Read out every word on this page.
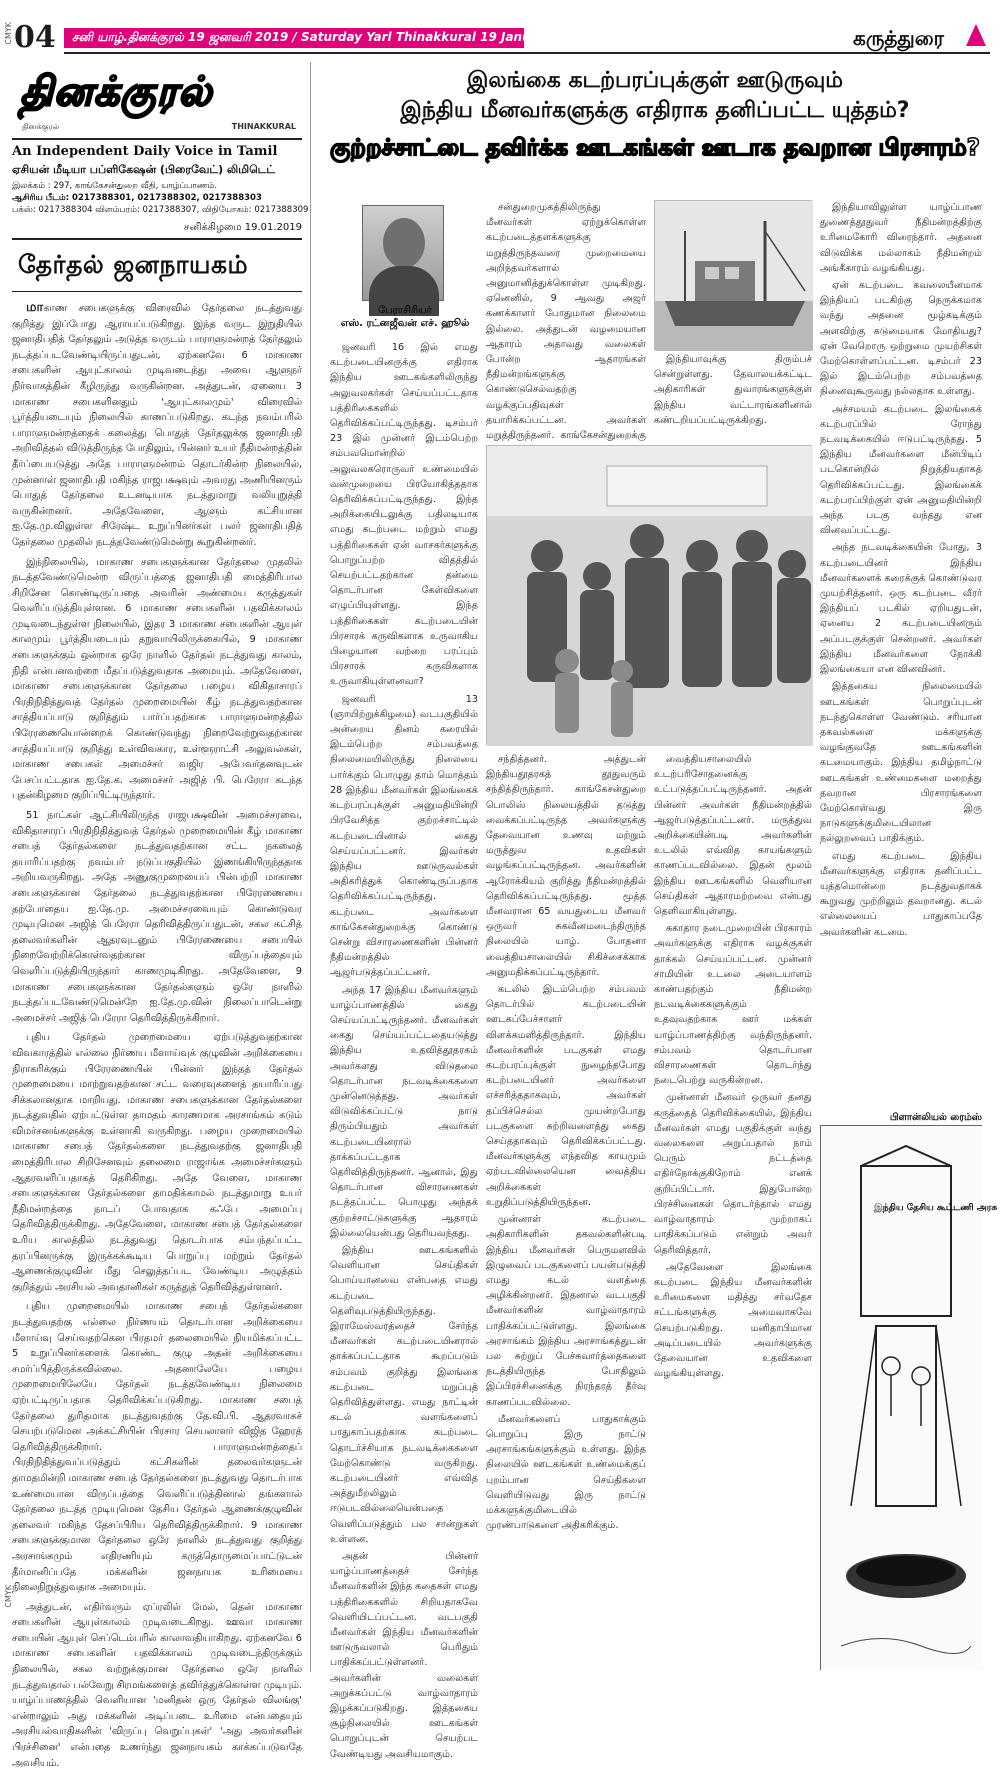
CMYK
CMYK
04	சனி யாழ்.தினக்குரல் 19 ஜனவரி 2019 / Saturday Yarl Thinakkural 19 January 2019	கருத்துரை
தினக்குரல்
தினக்குரல்	THINAKKURAL
An Independent Daily Voice in Tamil
ஏசியன் மீடியா பப்ளிகேஷன் (பிரைவேட்) லிமிடெட்
இலக்கம் : 297, காங்கேசன்துறை வீதி, யாழ்ப்பாணம்.
ஆசிரிய பீடம்: 0217388301, 0217388302, 0217388303
பக்ஸ்: 0217388304 விளம்பரம்: 0217388307, விநியோகம்: 0217388309
சனிக்கிழமை 19.01.2019
தேர்தல் ஜனநாயகம்

மாகாண சபைகளுக்கு விரைவில் தேர்தலை நடத்துவது குறித்து இப்போது ஆராயப்படுகிறது. இந்த வருட இறுதியில் ஜனாதிபதித் தேர்தலும் அடுத்த வருடம் பாராளுமன்றத் தேர்தலும் நடத்தப்படவேண்டியிருப்பதுடன், ஏற்கனவே 6 மாகாண சபைகளின் ஆயுட்காலம் முடிவடைந்து அவை ஆளுநர் நிர்வாகத்தின் கீழிருந்து வருகின்றன. அத்துடன், ஏனைய 3 மாகாண சபைகளினதும் 'ஆயுட்காலமும்' விரைவில் பூர்த்தியடையும் நிலையில் காணப்படுகிறது. கடந்த நவம்பரில் பாராளுமன்றத்தைக் கலைத்து பொதுத் தேர்தலுக்கு ஜனாதிபதி அறிவித்தல் விடுத்திருந்த போதிலும், பின்னர் உயர் நீதிமன்றத்தின் தீர்ப்பையடுத்து அதே பாராளுமன்றம் தொடர்கின்ற நிலையில், முன்னாள் ஜனாதிபதி மகிந்த ராஜபக்ஷவும் அவரது அணியினரும் பொதுத் தேர்தலை உடனடியாக நடத்துமாறு வலியுறுத்தி வருகின்றனர். அதேவேளை, ஆளும் கட்சியான ஐ.தே.மு.விலுள்ள சிரேஷ்ட உறுப்பினர்கள் பலர் ஜனாதிபதித் தேர்தலை முதலில் நடத்தவேண்டுமென்று கூறுகின்றனர்.

இந்நிலையில், மாகாண சபைகளுக்கான தேர்தலை முதலில் நடத்தவேண்டுமென்ற விருப்பத்தை ஜனாதிபதி மைத்திரிபால சிறிசேன கொண்டிருப்பதை அவரின் அண்மைய கருத்துகள் வெளிப்படுத்தியுள்ளன. 6 மாகாண சபைகளின் பதவிக்காலம் முடிவடைந்துள்ள நிலையில், இதர 3 மாகாண சபைகளின் ஆயுள் காலமும் பூர்த்தியடையும் தறுவாயிலிருக்கையில், 9 மாகாண சபைகளுக்கும் ஒன்றாக ஒரே நாளில் தேர்தல் நடத்துவது காலம், நிதி என்பனவற்றை மீதப்படுத்துவதாக அமையும். அதேவேளை, மாகாண சபைகளுக்கான தேர்தலை பழைய விகிதாசாரப் பிரதிநிதித்துவத் தேர்தல் முறைமையின் கீழ் நடத்துவதற்கான சாத்தியப்பாடு குறித்தும் பார்ப்பதற்காக பாராளுமன்றத்தில் பிரேரணையொன்றைக் கொண்டுவந்து நிறைவேற்றுவதற்கான சாத்தியப்பாடு குறித்து உள்விவகார, உள்ளூராட்சி அலுவல்கள், மாகாண சபைகள் அமைச்சர் வஜிர அபேவர்தனவுடன் பேசப்பட்டதாக ஐ.தே.க. அமைச்சர் அஜித் பி. பெரேரா கடந்த புதன்கிழமை குறிப்பிட்டிருந்தார்.

51 நாட்கள் ஆட்சியிலிருந்த ராஜபக்ஷவின் அமைச்சரவை, விகிதாசாரப் பிரதிநிதித்துவத் தேர்தல் முறைமையின் கீழ் மாகாண சபைத் தேர்தல்களை நடத்துவதற்கான சட்ட நகலைத் தயாரிப்பதற்கு நவம்பர் நடுப்பகுதியில் இணங்கியிருந்ததாக அறியவருகிறது. அதே அணுகுமுறையைப் பின்பற்றி மாகாண சபைகளுக்கான தேர்தலை நடத்துவதற்கான பிரேரணையை தற்போதைய ஐ.தே.மு. அமைச்சரவையும் கொண்டுவர முடியுமென அஜித் பெரேரா தெரிவித்திருப்பதுடன், சகல கட்சித் தலைவர்களின் ஆதரவுடனும் பிரேரணையை சபையில் நிறைவேற்றிக்கொள்வதற்கான விருப்பத்தையும் வெளிப்படுத்தியிருந்தார் காணமுடிகிறது. அதேவேளை, 9 மாகாண சபைகளுக்கான தேர்தல்களும் ஒரே நாளில் நடத்தப்படவேண்டுமென்றே ஐ.தே.மு.வின் நிலைப்பாடென்று அமைச்சர் அஜித் பெரேரா தெரிவித்திருக்கிறார்.

புதிய தேர்தல் முறைமையை ஏற்படுத்துவதற்கான விவகாரத்தில் எல்லை நிர்ணய மீளாய்வுக் குழுவின் அறிக்கையை நிராகரிக்கும் பிரேரணையின் பின்னர் இந்தத் தேர்தல் முறைமையை மாற்றுவதற்கான சட்ட வரைவுகளைத் தயாரிப்பது சிக்கலானதாக மாறியது. மாகாண சபைகளுக்கான தேர்தல்களை நடத்துவதில் ஏற்பட்டுள்ள தாமதம் காரணமாக அரசாங்கம் கடும் விமர்சனங்களுக்கு உள்ளாகி வருகிறது. பழைய முறைமையில் மாகாண சபைத் தேர்தல்களை நடத்துவதற்கு ஜனாதிபதி மைத்திரிபால சிறிசேனவும் தலைமை ராஜாங்க அமைச்சர்களும் ஆதரவளிப்பதாகத் தெரிகிறது. அதே வேளை, மாகாண சபைகளுக்கான தேர்தல்களை தாமதிக்காமல் நடத்துமாறு உயர் நீதிமன்றத்தை நாடப் போவதாக கஃபே அமைப்பு தெரிவித்திருக்கிறது. அதேவேளை, மாகாண சபைத் தேர்தல்களை உரிய காலத்தில் நடத்துவது தொடர்பாக சம்பந்தப்பட்ட தரப்பினருக்கு இருக்கக்கூடிய பொறுப்பு மற்றும் தேர்தல் ஆணைக்குழுவின் மீது செலுத்தப்பட வேண்டிய அழுத்தம் குறித்தும் அரசியல் அவதானிகள் கருத்துத் தெரிவித்துள்ளனர்.

புதிய முறைமையில் மாகாண சபைத் தேர்தல்களை நடத்துவதற்கு எல்லை நிர்ணயம் தொடர்பான அறிக்கையை மீளாய்வு செய்வதற்கென பிரதமர் தலைமையில் நியமிக்கப்பட்ட 5 உறுப்பினர்களைக் கொண்ட குழு அதன் அறிக்கையை சமர்ப்பித்திருக்கவில்லை. அதனாலேயே பழைய முறைமையிலேயே தேர்தல் நடத்தவேண்டிய நிலைமை ஏற்பட்டிருப்பதாக தெரிவிக்கப்படுகிறது. மாகாண சபைத் தேர்தலை துரிதமாக நடத்துவதற்கு தே.வி.பி. ஆதரவாகச் செயற்படுமென அக்கட்சியின் பிரசார செயலாளர் விஜித ஹேரத் தெரிவித்திருக்கிறார். பாராளுமன்றத்தைப் பிரதிநிதித்துவப்படுத்தும் கட்சிகளின் தலைவர்களுடன் தாமதமின்றி மாகாண சபைத் தேர்தல்களை நடத்துவது தொடர்பாக உண்மையான விருப்பத்தை வெளிப்படுத்தினால் தங்களால் தேர்தலை நடத்த முடியுமென தேசிய தேர்தல் ஆணைக்குழுவின் தலைவர் மகிந்த தேசப்பிரிய தெரிவித்திருக்கிறார். 9 மாகாண சபைகளுக்குமான தேர்தலை ஒரே நாளில் நடத்துவது குறித்து அரசாங்கமும் எதிரணியும் கருத்தொருமைப்பாட்டுடன் தீர்மானிப்பதே மக்களின் ஜனநாயக உரிமையை நிலைநிறுத்துவதாக அமையும்.

அத்துடன், எதிர்வரும் ஏப்ரலில் மேல், தென் மாகாண சபைகளின் ஆயுள்காலம் முடிவடைகிறது. ஊவா மாகாண சபையின் ஆயுள் செப்டெம்பரில் காலாவதியாகிறது. ஏற்கனவே 6 மாகாண சபைகளின் பதவிக்காலம் முடிவடைந்திருக்கும் நிலையில், சகல வற்றுக்குமான தேர்தலை ஒரே நாளில் நடத்துவதால் பல்வேறு சிரமங்களைத் தவிர்த்துக்கொள்ள முடியும். யாழ்ப்பாணத்தில் வெளியான 'மனிதன் ஒரு தேர்தல் விலங்கு' என்றாலும் அது மக்களின் அடிப்படை உரிமை என்பதையும் அரசியல்வாதிகளின் 'விருப்பு வெறுப்புகள்' 'அது அவர்களின் பிரச்சினை' என்பதை உணர்ந்து ஜனநாயகம் காக்கப்படுவதே அவசியம்.

இலங்கை கடற்பரப்புக்குள் ஊடுருவும்
இந்திய மீனவர்களுக்கு எதிராக தனிப்பட்ட யுத்தம்?
குற்றச்சாட்டை தவிர்க்க ஊடகங்கள் ஊடாக தவறான பிரசாரம்?
பேராசிரியர்
எஸ். ரட்னஜீவன் எச். ஹூல்

ஜனவரி 16 இல் எமது கடற்படையினருக்கு எதிராக இந்திய ஊடகங்களிலிருந்து அலுவலகர்கள் செய்யப்பட்டதாக பத்திரிகைகளில் தெரிவிக்கப்பட்டிருந்தது. டிசம்பர் 23 இல் முன்னர் இடம்பெற்ற சம்பவமொன்றில் அலுவலகரொருவர் உண்மையில் வன்முறையை பிரயோகித்ததாக தெரிவிக்கப்பட்டிருந்தது. இந்த அறிக்கையிடலுக்கு பதிலடியாக எமது கடற்படை மற்றும் எமது பத்திரிகைகள் ஏன் வாசகர்களுக்கு பொறுப்பற்ற விதத்தில் செயற்பட்டதற்கான தன்மை தொடர்பான கேள்விகளை எழுப்பியுள்ளது. இந்த பத்திரிகைகள் கடற்படையின் பிரசாரக் கருவிகளாக உருவாகிய பிழையான வற்றை பரப்பும் பிரசாரக் கருவிகளாக உருவாகியுள்ளனவா?

ஜனவரி 13 (ஞாயிற்றுக்கிழமை) வடபகுதியில் அன்றைய தினம் கரையில் இடம்பெற்ற சம்பவத்தை நிலைமையிலிருந்து நிலையை பார்க்கும் பொழுது தாம் மொத்தம் 28 இந்திய மீனவர்கள் இலங்கைக் கடற்பரப்புக்குள் அனுமதியின்றி பிரவேசித்த குற்றச்சாட்டில் கடற்படையினால் கைது செய்யப்பட்டனர். இவர்கள் இந்திய ஊடுருவல்கள் அதிகரித்துக் கொண்டிருப்பதாக தெரிவிக்கப்பட்டிருந்தது. கடற்படை அவர்களை காங்கேசன்துறைக்கு கொண்டு சென்று விசாரணைகளின் பின்னர் நீதிமன்றத்தில் ஆஜர்படுத்தப்பட்டனர்.

அந்த 17 இந்திய மீனவர்களும் யாழ்ப்பாணத்தில் கைது செய்யப்பட்டிருந்தனர். மீனவர்கள் கைது செய்யப்பட்டதையடுத்து இந்திய உதவித்தூதரகம் அவர்களது விடுதலை தொடர்பான நடவடிக்கைகளை முன்னெடுத்தது. அவர்கள் விடுவிக்கப்பட்டு நாடு திரும்பியதும் அவர்கள் கடற்படையினரால் தாக்கப்பட்டதாக தெரிவித்திருந்தனர். ஆனால், இது தொடர்பான விசாரணைகள் நடத்தப்பட்ட பொழுது அந்தக் குற்றச்சாட்டுகளுக்கு ஆதாரம் இல்லையென்பது தெரியவந்தது.

இந்திய ஊடகங்களில் வெளியான செய்திகள் பொய்யானவை என்பதை எமது கடற்படை தெளிவுபடுத்தியிருந்தது. இராமேஸ்வரத்தைச் சேர்ந்த மீனவர்கள் கடற்படையினரால் தாக்கப்பட்டதாக கூறப்படும் சம்பவம் குறித்து இலங்கை கடற்படை மறுப்புத் தெரிவித்துள்ளது. எமது நாட்டின் கடல் வளங்களைப் பாதுகாப்பதற்காக கடற்படை தொடர்ச்சியாக நடவடிக்கைகளை மேற்கொண்டு வருகிறது. கடற்படையினர் எவ்வித அத்துமீறலிலும் ஈடுபடவில்லையென்பதை வெளிப்படுத்தும் பல சான்றுகள் உள்ளன.

அதன் பின்னர் யாழ்ப்பாணத்தைச் சேர்ந்த மீனவர்களின் இந்த கதைகள் எமது பத்திரிகைகளில் சிறியதாகவே வெளியிடப்பட்டன. வடபகுதி மீனவர்கள் இந்திய மீனவர்களின் ஊடுருவலால் பெரிதும் பாதிக்கப்பட்டுள்ளனர். அவர்களின் வலைகள் அறுக்கப்பட்டு வாழ்வாதாரம் இழக்கப்படுகிறது. இத்தகைய சூழ்நிலையில் ஊடகங்கள் பொறுப்புடன் செயற்பட வேண்டியது அவசியமாகும்.

சன்துறைமுகத்திலிருந்து மீனவர்கள் ஏற்றுக்கொள்ள கடற்படைத்தளக்களுக்கு மறுத்திருந்தவரை முறைமையை அறிந்தவர்களால் அனுமானித்துக்கொள்ள முடிகிறது. ஏனெனில், 9 ஆவது அஜர் கணக்காளர் போதுமான நிலைமை இல்லை. அத்துடன் வழமையான ஆதாரம் அதாவது வலைகள் போன்ற ஆதாரங்கள் நீதிமன்றங்களுக்கு கொண்டுசெல்வதற்கு வழக்குப்பதிவுகள் தயாரிக்கப்பட்டன. அவர்கள் மறுத்திருந்தனர். காங்கேசன்துறைக்கு

இந்தியாவுக்கு திரும்பச் சென்றுள்ளது. தேவாலயக்கட்டிட அதிகாரிகள் துவாரங்களுக்குள் இந்திய வட்டாரங்களினால் கண்டறியப்பட்டிருக்கிறது.

சந்தித்தனர். அத்துடன் இந்தியதூதரகத் தூதுவரும் சந்தித்திருந்தார். காங்கேசன்துறை பொலிஸ் நிலையத்தில் தடுத்து வைக்கப்பட்டிருந்த அவர்களுக்கு தேவையான உணவு மற்றும் மருத்துவ உதவிகள் வழங்கப்பட்டிருந்தன. அவர்களின் ஆரோக்கியம் குறித்து நீதிமன்றத்தில் தெரிவிக்கப்பட்டிருந்தது. மூத்த மீனவரான 65 வயதுடைய மீனவர் ஒருவர் சுகவீனமடைந்திருந்த நிலையில் யாழ். போதனா வைத்தியசாலையில் சிகிச்சைக்காக அனுமதிக்கப்பட்டிருந்தார்.

கடலில் இடம்பெற்ற சம்பவம் தொடர்பில் கடற்படையின் ஊடகப்பேச்சாளர் விளக்கமளித்திருந்தார். இந்திய மீனவர்களின் படகுகள் எமது கடற்பரப்புக்குள் நுழைந்தபோது கடற்படையினர் அவர்களை எச்சரித்ததாகவும், அவர்கள் தப்பிச்செல்ல முயன்றபோது படகுகளை சுற்றிவளைத்து கைது செய்ததாகவும் தெரிவிக்கப்பட்டது. மீனவர்களுக்கு எந்தவித காயமும் ஏற்படவில்லையென வைத்திய அறிக்கைகள் உறுதிப்படுத்தியிருந்தன.

முன்னாள் கடற்படை அதிகாரிகளின் தகவல்களின்படி இந்திய மீனவர்கள் பெருமளவில் இழுவைப் படகுகளைப் பயன்படுத்தி எமது கடல் வளத்தை அழிக்கின்றனர். இதனால் வடபகுதி மீனவர்களின் வாழ்வாதாரம் பாதிக்கப்பட்டுள்ளது. இலங்கை அரசாங்கம் இந்திய அரசாங்கத்துடன் பல சுற்றுப் பேச்சுவார்த்தைகளை நடத்தியிருந்த போதிலும் இப்பிரச்சினைக்கு நிரந்தரத் தீர்வு காணப்படவில்லை.

மீனவர்களைப் பாதுகாக்கும் பொறுப்பு இரு நாட்டு அரசாங்கங்களுக்கும் உள்ளது. இந்த நிலையில் ஊடகங்கள் உண்மைக்குப் புறம்பான செய்திகளை வெளியிடுவது இரு நாட்டு மக்களுக்குமிடையில் முரண்பாடுகளை அதிகரிக்கும்.

வைத்தியசாலையில் உடற்பரிசோதனைக்கு உட்படுத்தப்பட்டிருந்தனர். அதன் பின்னர் அவர்கள் நீதிமன்றத்தில் ஆஜர்படுத்தப்பட்டனர். மருத்துவ அறிக்கையின்படி அவர்களின் உடலில் எவ்வித காயங்களும் காணப்படவில்லை. இதன் மூலம் இந்திய ஊடகங்களில் வெளியான செய்திகள் ஆதாரமற்றவை என்பது தெளிவாகியுள்ளது.

சுகாதார நடைமுறையின் பிரகாரம் அவர்களுக்கு எதிராக வழக்குகள் தாக்கல் செய்யப்பட்டன. முன்னர் சாமியின் உடலை அடையாளம் காண்பதற்கும் நீதிமன்ற நடவடிக்கைகளுக்கும் உதவுவதற்காக ஊர் மக்கள் யாழ்ப்பாணத்திற்கு வந்திருந்தனர். சம்பவம் தொடர்பான விசாரணைகள் தொடர்ந்து நடைபெற்று வருகின்றன.

முன்னாள் மீனவர் ஒருவர் தனது கருத்தைத் தெரிவிக்கையில், இந்திய மீனவர்கள் எமது பகுதிக்குள் வந்து வலைகளை அறுப்பதால் நாம் பெரும் நட்டத்தை எதிர்நோக்குகிறோம் எனக் குறிப்பிட்டார். இதுபோன்ற பிரச்சினைகள் தொடர்ந்தால் எமது வாழ்வாதாரம் முற்றாகப் பாதிக்கப்படும் என்றும் அவர் தெரிவித்தார்.

அதேவேளை இலங்கை கடற்படை இந்திய மீனவர்களின் உரிமைகளை மதித்து சர்வதேச சட்டங்களுக்கு அமைவாகவே செயற்படுகிறது. மனிதாபிமான அடிப்படையில் அவர்களுக்கு தேவையான உதவிகளை வழங்கியுள்ளது.

இந்தியாவிலுள்ள யாழ்ப்பாண துணைத்தூதுவர் நீதிமன்றத்திற்கு உரிமைகோரி விரைந்தார். அதனை விடுவிக்க மல்லாகம் நீதிமன்றம் அங்கீகாரம் வழங்கியது.

ஏன் கடற்படை கவலையீனமாக இந்தியப் படகிற்கு நெருக்கமாக வந்து அதனை மூழ்கடிக்கும் அளவிற்கு கடுமையாக மோதியது? ஏன் வேறொரு ஒற்றுமை முயற்சிகள் மேற்கொள்ளப்பட்டன. டிசம்பர் 23 இல் இடம்பெற்ற சம்பவத்தை நினைவுகூருவது நல்லதாக உள்ளது.

அச்சமயம் கடற்படை இலங்கைக் கடற்பரப்பில் ரோந்து நடவடிக்கையில் ஈடுபட்டிருந்தது. 5 இந்திய மீனவர்களை மீன்பிடிப் படகொன்றில் நிறுத்தியதாகத் தெரிவிக்கப்பட்டது. இலங்கைக் கடற்பரப்பிற்குள் ஏன் அனுமதியின்றி அந்த படகு வந்தது என வினவப்பட்டது.

அந்த நடவடிக்கையின் போது, 3 கடற்படையினர் இந்திய மீனவர்களைக் கரைக்குக் கொண்டுவர முயற்சித்தனர். ஒரு கடற்படை வீரர் இந்தியப் படகில் ஏறியதுடன், ஏனைய 2 கடற்படையினரும் அப்படகுக்குள் சென்றனர். அவர்கள் இந்திய மீனவர்களை நோக்கி இலங்கையா என வினவினர்.

இத்தகைய நிலைமையில் ஊடகங்கள் பொறுப்புடன் நடந்துகொள்ள வேண்டும். சரியான தகவல்களை மக்களுக்கு வழங்குவதே ஊடகங்களின் கடமையாகும். இந்திய தமிழ்நாட்டு ஊடகங்கள் உண்மைகளை மறைத்து தவறான பிரசாரங்களை மேற்கொள்வது இரு நாடுகளுக்குமிடையிலான நல்லுறவைப் பாதிக்கும்.

எமது கடற்படை இந்திய மீனவர்களுக்கு எதிராக தனிப்பட்ட யுத்தமொன்றை நடத்துவதாகக் கூறுவது முற்றிலும் தவறானது. கடல் எல்லையைப் பாதுகாப்பதே அவர்களின் கடமை.

பிளான்லியல் ரைம்ஸ்
இந்திய தேசிய கூட்டணி அரசு
